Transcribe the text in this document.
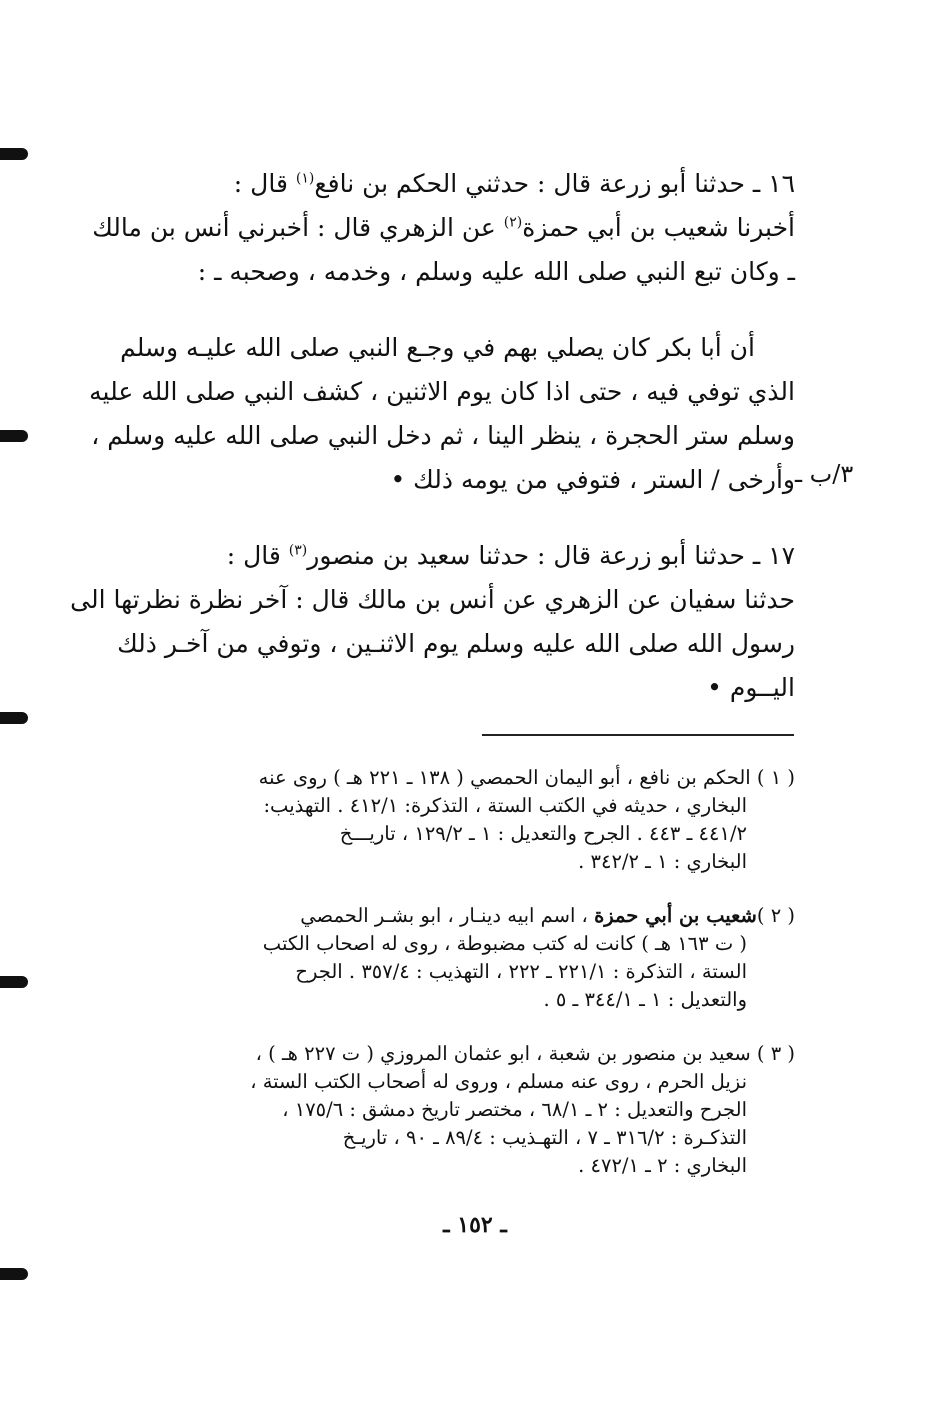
١٦ ـ حدثنا أبو زرعة قال : حدثني الحكم بن نافع$^{(١)}$ قال :
أخبرنا شعيب بن أبي حمزة$^{(٢)}$ عن الزهري قال : أخبرني أنس بن مالك
ـ وكان تبع النبي صلى الله عليه وسلم ، وخدمه ، وصحبه ـ :
أن أبا بكر كان يصلي بهم في وجـع النبي صلى الله عليـه وسلم
الذي توفي فيه ، حتى اذا كان يوم الاثنين ، كشف النبي صلى الله عليه
وسلم ستر الحجرة ، ينظر الينا ، ثم دخل النبي صلى الله عليه وسلم ،
وأرخى / الستر ، فتوفي من يومه ذلك • ٣/ب ـ
١٧ ـ حدثنا أبو زرعة قال : حدثنا سعيد بن منصور$^{(٣)}$ قال :
حدثنا سفيان عن الزهري عن أنس بن مالك قال : آخر نظرة نظرتها الى
رسول الله صلى الله عليه وسلم يوم الاثنـين ، وتوفي من آخـر ذلك
اليــوم •
( ١ ) الحكم بن نافع ، أبو اليمان الحمصي ( ١٣٨ ـ ٢٢١ هـ ) روى عنه
البخاري ، حديثه في الكتب الستة ، التذكرة: ٤١٢/١ . التهذيب:
٤٤١/٢ ـ ٤٤٣ . الجرح والتعديل : ١ ـ ١٢٩/٢ ، تاريـــخ
البخاري : ١ ـ ٣٤٢/٢ .
( ٢ )شعيب بن أبي حمزة ، اسم ابيه دينـار ، ابو بشـر الحمصي
( ت ١٦٣ هـ ) كانت له كتب مضبوطة ، روى له اصحاب الكتب
الستة ، التذكرة : ٢٢١/١ ـ ٢٢٢ ، التهذيب : ٣٥٧/٤ . الجرح
والتعديل : ١ ـ ٣٤٤/١ ـ ٥ .
( ٣ ) سعيد بن منصور بن شعبة ، ابو عثمان المروزي ( ت ٢٢٧ هـ ) ،
نزيل الحرم ، روى عنه مسلم ، وروى له أصحاب الكتب الستة ،
الجرح والتعديل : ٢ ـ ٦٨/١ ، مختصر تاريخ دمشق : ١٧٥/٦ ،
التذكـرة : ٣١٦/٢ ـ ٧ ، التهـذيب : ٨٩/٤ ـ ٩٠ ، تاريـخ
البخاري : ٢ ـ ٤٧٢/١ .
ـ ١٥٢ ـ
